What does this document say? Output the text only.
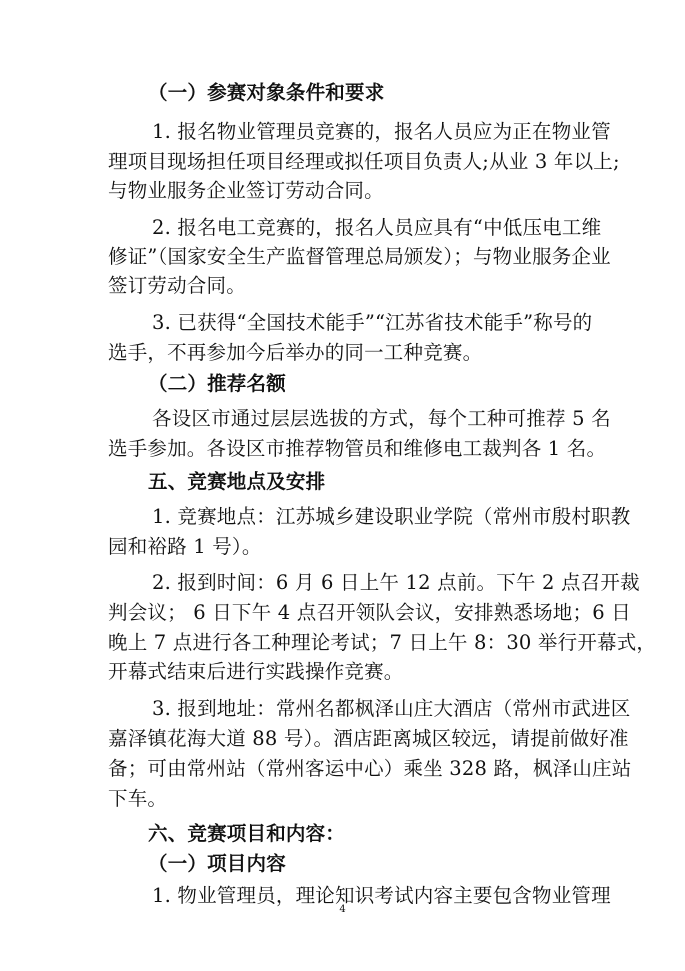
（一）参赛对象条件和要求
1. 报名物业管理员竞赛的，报名人员应为正在物业管
理项目现场担任项目经理或拟任项目负责人;从业 3 年以上;
与物业服务企业签订劳动合同。
2. 报名电工竞赛的，报名人员应具有“中低压电工维
修证”（国家安全生产监督管理总局颁发）；与物业服务企业
签订劳动合同。
3. 已获得“全国技术能手”“江苏省技术能手”称号的
选手，不再参加今后举办的同一工种竞赛。
（二）推荐名额
各设区市通过层层选拔的方式，每个工种可推荐 5 名
选手参加。各设区市推荐物管员和维修电工裁判各 1 名。
五、竞赛地点及安排
1. 竞赛地点：江苏城乡建设职业学院（常州市殷村职教
园和裕路 1 号）。
2. 报到时间：6 月 6 日上午 12 点前。下午 2 点召开裁
判会议； 6 日下午 4 点召开领队会议，安排熟悉场地；6 日
晚上 7 点进行各工种理论考试；7 日上午 8：30 举行开幕式，
开幕式结束后进行实践操作竞赛。
3. 报到地址：常州名都枫泽山庄大酒店（常州市武进区
嘉泽镇花海大道 88 号）。酒店距离城区较远，请提前做好准
备；可由常州站（常州客运中心）乘坐 328 路，枫泽山庄站
下车。
六、竞赛项目和内容：
（一）项目内容
1. 物业管理员，理论知识考试内容主要包含物业管理
4
